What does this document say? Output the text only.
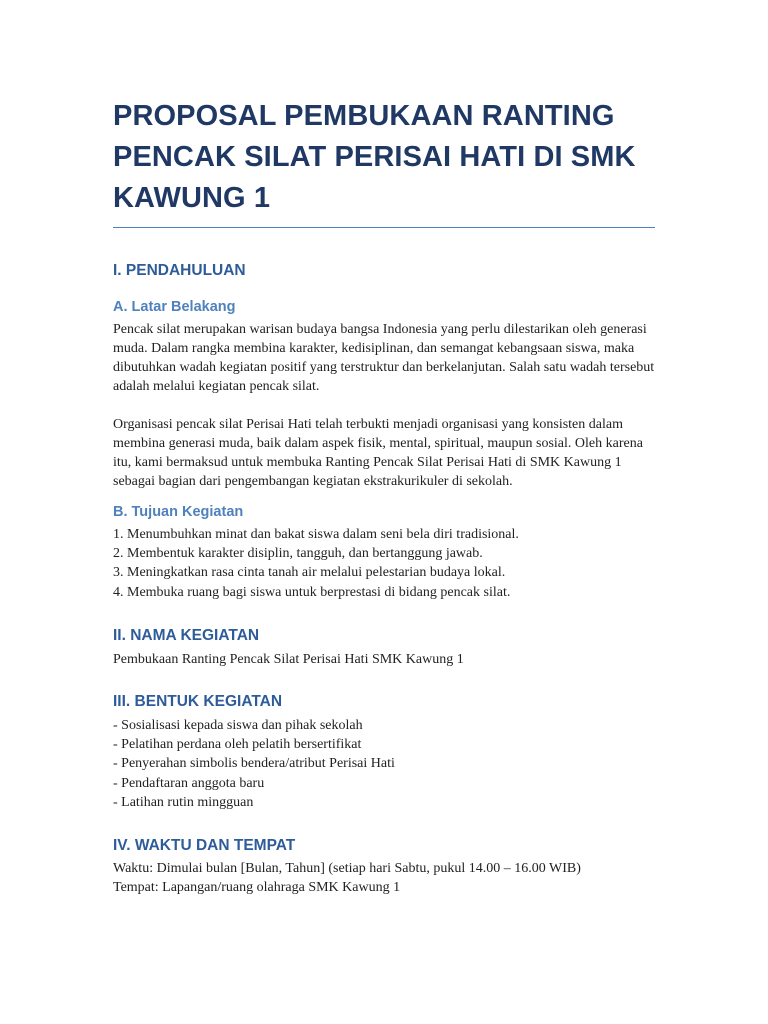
PROPOSAL PEMBUKAAN RANTING PENCAK SILAT PERISAI HATI DI SMK KAWUNG 1
I. PENDAHULUAN
A. Latar Belakang

Pencak silat merupakan warisan budaya bangsa Indonesia yang perlu dilestarikan oleh generasi muda. Dalam rangka membina karakter, kedisiplinan, dan semangat kebangsaan siswa, maka dibutuhkan wadah kegiatan positif yang terstruktur dan berkelanjutan. Salah satu wadah tersebut adalah melalui kegiatan pencak silat.

Organisasi pencak silat Perisai Hati telah terbukti menjadi organisasi yang konsisten dalam membina generasi muda, baik dalam aspek fisik, mental, spiritual, maupun sosial. Oleh karena itu, kami bermaksud untuk membuka Ranting Pencak Silat Perisai Hati di SMK Kawung 1 sebagai bagian dari pengembangan kegiatan ekstrakurikuler di sekolah.

B. Tujuan Kegiatan

1. Menumbuhkan minat dan bakat siswa dalam seni bela diri tradisional.

2. Membentuk karakter disiplin, tangguh, dan bertanggung jawab.

3. Meningkatkan rasa cinta tanah air melalui pelestarian budaya lokal.

4. Membuka ruang bagi siswa untuk berprestasi di bidang pencak silat.

II. NAMA KEGIATAN

Pembukaan Ranting Pencak Silat Perisai Hati SMK Kawung 1

III. BENTUK KEGIATAN

- Sosialisasi kepada siswa dan pihak sekolah

- Pelatihan perdana oleh pelatih bersertifikat

- Penyerahan simbolis bendera/atribut Perisai Hati

- Pendaftaran anggota baru

- Latihan rutin mingguan

IV. WAKTU DAN TEMPAT

Waktu: Dimulai bulan [Bulan, Tahun] (setiap hari Sabtu, pukul 14.00 – 16.00 WIB)

Tempat: Lapangan/ruang olahraga SMK Kawung 1
